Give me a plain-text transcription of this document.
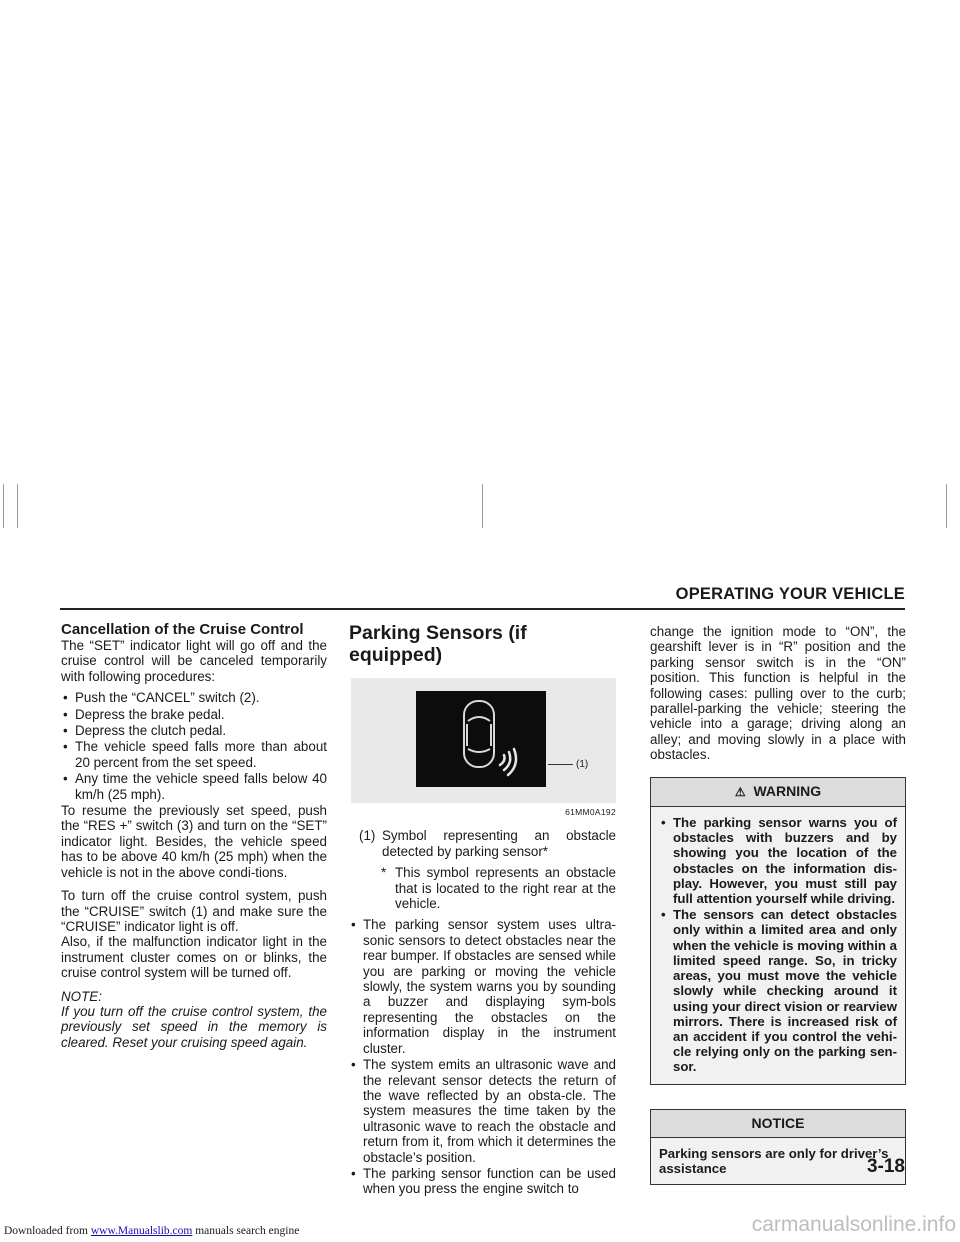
OPERATING YOUR VEHICLE
Cancellation of the Cruise Control

The “SET” indicator light will go off and the cruise control will be canceled temporarily with following procedures:

• Push the “CANCEL” switch (2).
• Depress the brake pedal.
• Depress the clutch pedal.
• The vehicle speed falls more than about 20 percent from the set speed.
• Any time the vehicle speed falls below 40 km/h (25 mph).

To resume the previously set speed, push the “RES +” switch (3) and turn on the “SET” indicator light. Besides, the vehicle speed has to be above 40 km/h (25 mph) when the vehicle is not in the above condi-tions.

To turn off the cruise control system, push the “CRUISE” switch (1) and make sure the “CRUISE” indicator light is off.

Also, if the malfunction indicator light in the instrument cluster comes on or blinks, the cruise control system will be turned off.

NOTE:
If you turn off the cruise control system, the previously set speed in the memory is cleared. Reset your cruising speed again.
Parking Sensors (if equipped)
(1)
61MM0A192
(1) Symbol representing an obstacle detected by parking sensor*
* This symbol represents an obstacle that is located to the right rear at the vehicle.
• The parking sensor system uses ultra-sonic sensors to detect obstacles near the rear bumper. If obstacles are sensed while you are parking or moving the vehicle slowly, the system warns you by sounding a buzzer and displaying sym-bols representing the obstacles on the information display in the instrument cluster.
• The system emits an ultrasonic wave and the relevant sensor detects the return of the wave reflected by an obsta-cle. The system measures the time taken by the ultrasonic wave to reach the obstacle and return from it, from which it determines the obstacle’s position.
• The parking sensor function can be used when you press the engine switch to

change the ignition mode to “ON”, the gearshift lever is in “R” position and the parking sensor switch is in the “ON” position. This function is helpful in the following cases: pulling over to the curb; parallel-parking the vehicle; steering the vehicle into a garage; driving along an alley; and moving slowly in a place with obstacles.

⚠ WARNING
• The parking sensor warns you of obstacles with buzzers and by showing you the location of the obstacles on the information dis-play. However, you must still pay full attention yourself while driving.
• The sensors can detect obstacles only within a limited area and only when the vehicle is moving within a limited speed range. So, in tricky areas, you must move the vehicle slowly while checking around it using your direct vision or rearview mirrors. There is increased risk of an accident if you control the vehi-cle relying only on the parking sen-sor.
NOTICE
Parking sensors are only for driver’s assistance	3-18
Downloaded from www.Manualslib.com manuals search engine	carmanualsonline.info
